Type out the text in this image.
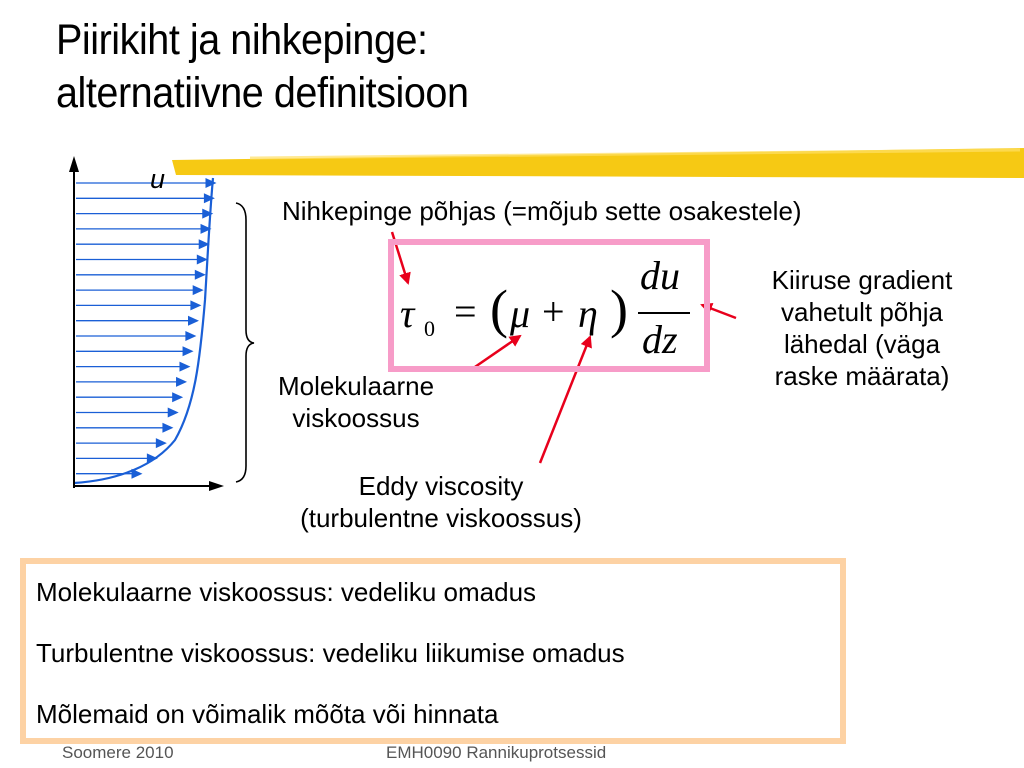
Piirikiht ja nihkepinge:
alternatiivne definitsioon
u
Nihkepinge põhjas (=mõjub sette osakestele)
τ 0 = ( μ + η )
du
dz
Kiiruse gradient
vahetult põhja
lähedal (väga
raske määrata)
Molekulaarne
viskoossus
Eddy viscosity
(turbulentne viskoossus)
Molekulaarne viskoossus: vedeliku omadus
Turbulentne viskoossus: vedeliku liikumise omadus
Mõlemaid on võimalik mõõta või hinnata
Soomere 2010	EMH0090 Rannikuprotsessid
